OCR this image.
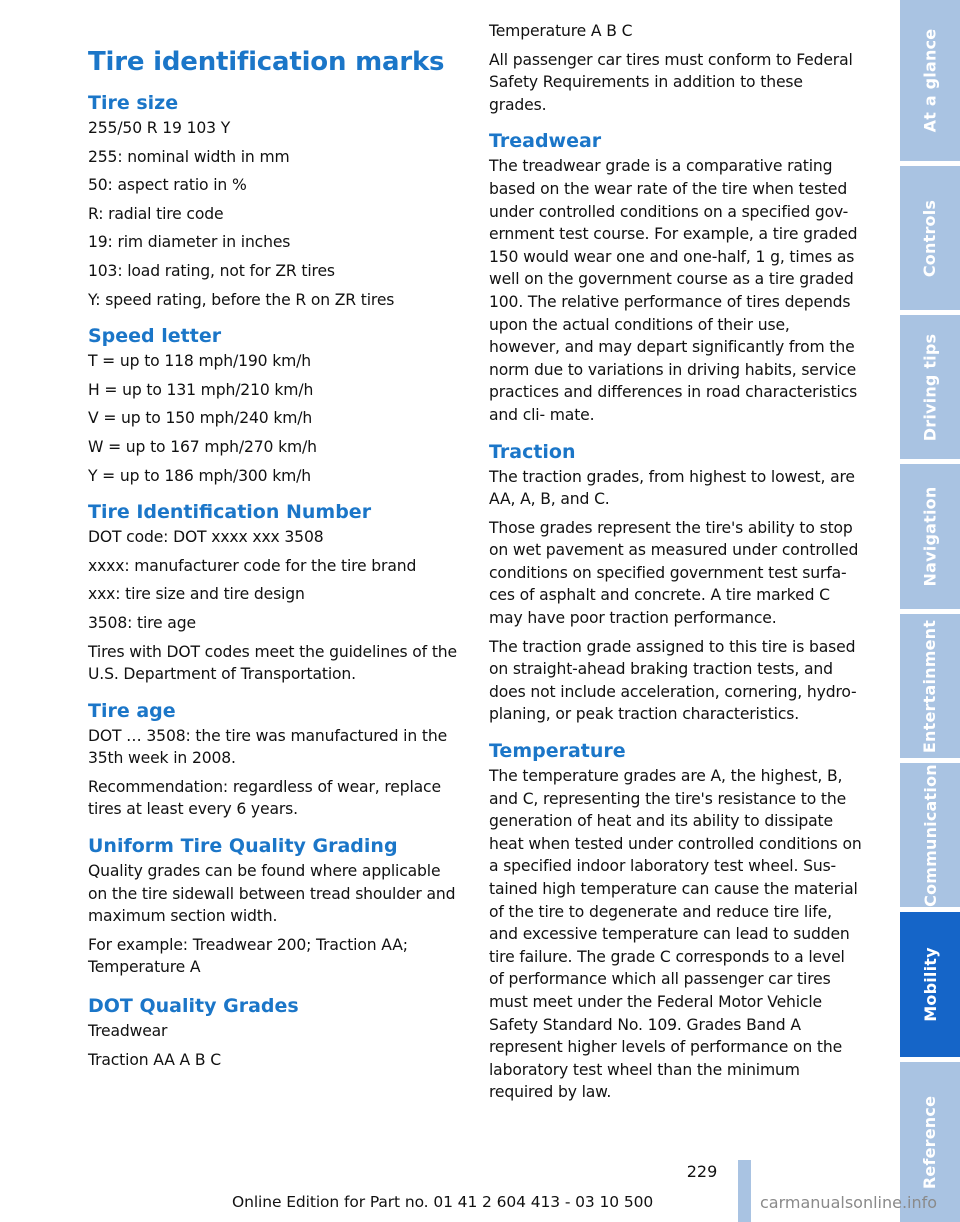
Tire identification marks
Tire size

255/50 R 19 103 Y

255: nominal width in mm

50: aspect ratio in %

R: radial tire code

19: rim diameter in inches

103: load rating, not for ZR tires

Y: speed rating, before the R on ZR tires

Speed letter

T = up to 118 mph/190 km/h

H = up to 131 mph/210 km/h

V = up to 150 mph/240 km/h

W = up to 167 mph/270 km/h

Y = up to 186 mph/300 km/h

Tire Identification Number

DOT code: DOT xxxx xxx 3508

xxxx: manufacturer code for the tire brand

xxx: tire size and tire design

3508: tire age

Tires with DOT codes meet the guidelines of the U.S. Department of Transportation.

Tire age

DOT … 3508: the tire was manufactured in the 35th week in 2008.

Recommendation: regardless of wear, replace tires at least every 6 years.

Uniform Tire Quality Grading

Quality grades can be found where applicable on the tire sidewall between tread shoulder and maximum section width.

For example: Treadwear 200; Traction AA; Temperature A

DOT Quality Grades

Treadwear

Traction AA A B C

Temperature A B C

All passenger car tires must conform to Federal Safety Requirements in addition to these grades.

Treadwear

The treadwear grade is a comparative rating based on the wear rate of the tire when tested under controlled conditions on a specified gov- ernment test course. For example, a tire graded 150 would wear one and one-half, 1 g, times as well on the government course as a tire graded 100. The relative performance of tires depends upon the actual conditions of their use, however, and may depart significantly from the norm due to variations in driving habits, service practices and differences in road characteristics and cli- mate.

Traction

The traction grades, from highest to lowest, are AA, A, B, and C.

Those grades represent the tire's ability to stop on wet pavement as measured under controlled conditions on specified government test surfa- ces of asphalt and concrete. A tire marked C may have poor traction performance.

The traction grade assigned to this tire is based on straight-ahead braking traction tests, and does not include acceleration, cornering, hydro- planing, or peak traction characteristics.

Temperature

The temperature grades are A, the highest, B, and C, representing the tire's resistance to the generation of heat and its ability to dissipate heat when tested under controlled conditions on a specified indoor laboratory test wheel. Sus- tained high temperature can cause the material of the tire to degenerate and reduce tire life, and excessive temperature can lead to sudden tire failure. The grade C corresponds to a level of performance which all passenger car tires must meet under the Federal Motor Vehicle Safety Standard No. 109. Grades Band A represent higher levels of performance on the laboratory test wheel than the minimum required by law.

At a glance
Controls
Driving tips
Navigation
Entertainment
Communication
Mobility
Reference
229
Online Edition for Part no. 01 41 2 604 413 - 03 10 500	carmanualsonline.info
